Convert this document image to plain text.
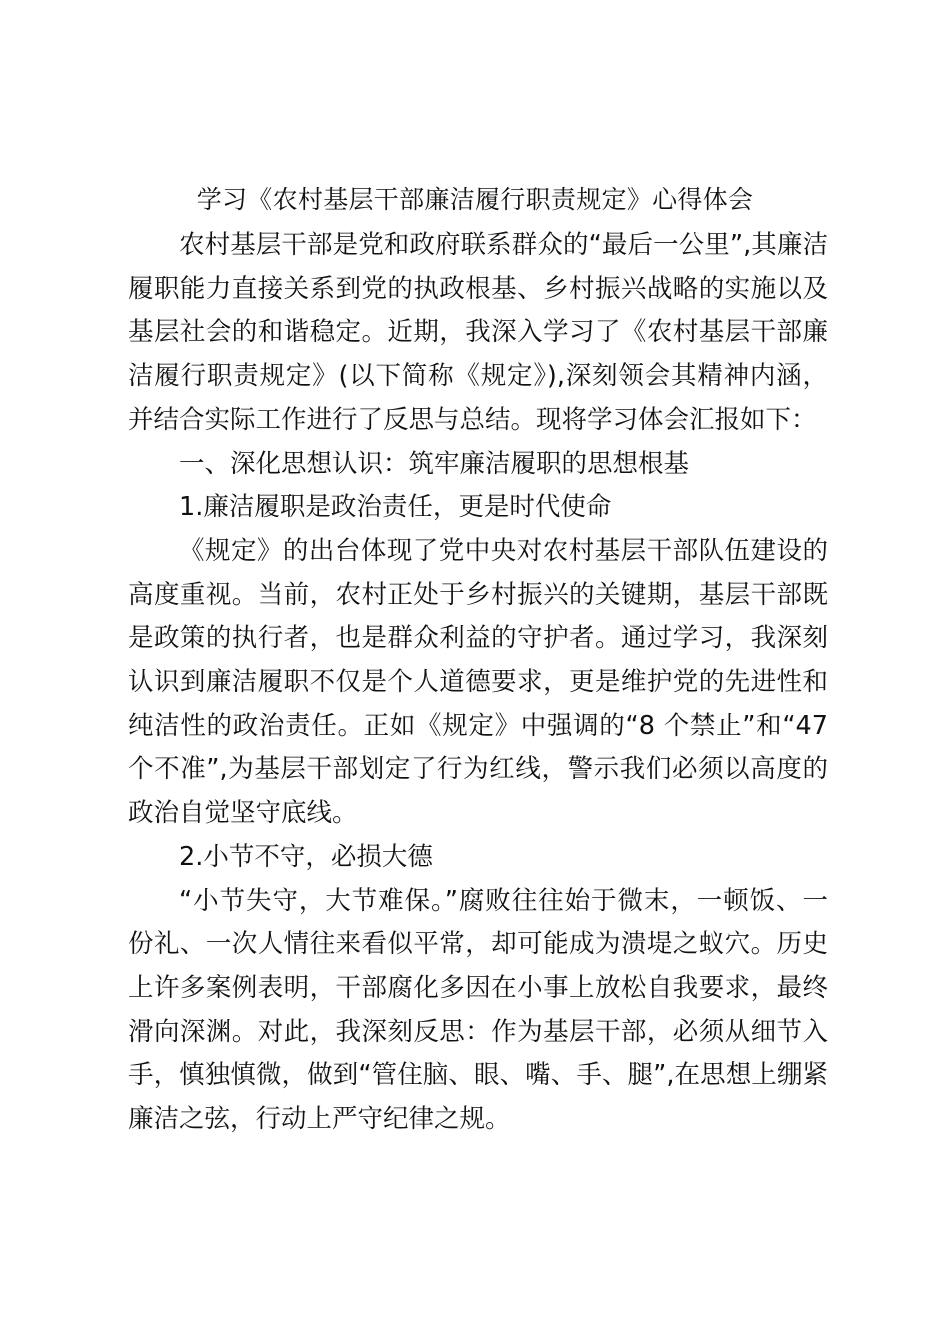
学习《农村基层干部廉洁履行职责规定》心得体会

农村基层干部是党和政府联系群众的“最后一公里”,其廉洁履职能力直接关系到党的执政根基、乡村振兴战略的实施以及基层社会的和谐稳定。近期，我深入学习了《农村基层干部廉洁履行职责规定》(以下简称《规定》),深刻领会其精神内涵，并结合实际工作进行了反思与总结。现将学习体会汇报如下：

一、深化思想认识：筑牢廉洁履职的思想根基

1.廉洁履职是政治责任，更是时代使命

《规定》的出台体现了党中央对农村基层干部队伍建设的高度重视。当前，农村正处于乡村振兴的关键期，基层干部既是政策的执行者，也是群众利益的守护者。通过学习，我深刻认识到廉洁履职不仅是个人道德要求，更是维护党的先进性和纯洁性的政治责任。正如《规定》中强调的“8 个禁止”和“47个不准”,为基层干部划定了行为红线，警示我们必须以高度的政治自觉坚守底线。

2.小节不守，必损大德

“小节失守，大节难保。”腐败往往始于微末，一顿饭、一份礼、一次人情往来看似平常，却可能成为溃堤之蚁穴。历史上许多案例表明，干部腐化多因在小事上放松自我要求，最终滑向深渊。对此，我深刻反思：作为基层干部，必须从细节入手，慎独慎微，做到“管住脑、眼、嘴、手、腿”,在思想上绷紧廉洁之弦，行动上严守纪律之规。
